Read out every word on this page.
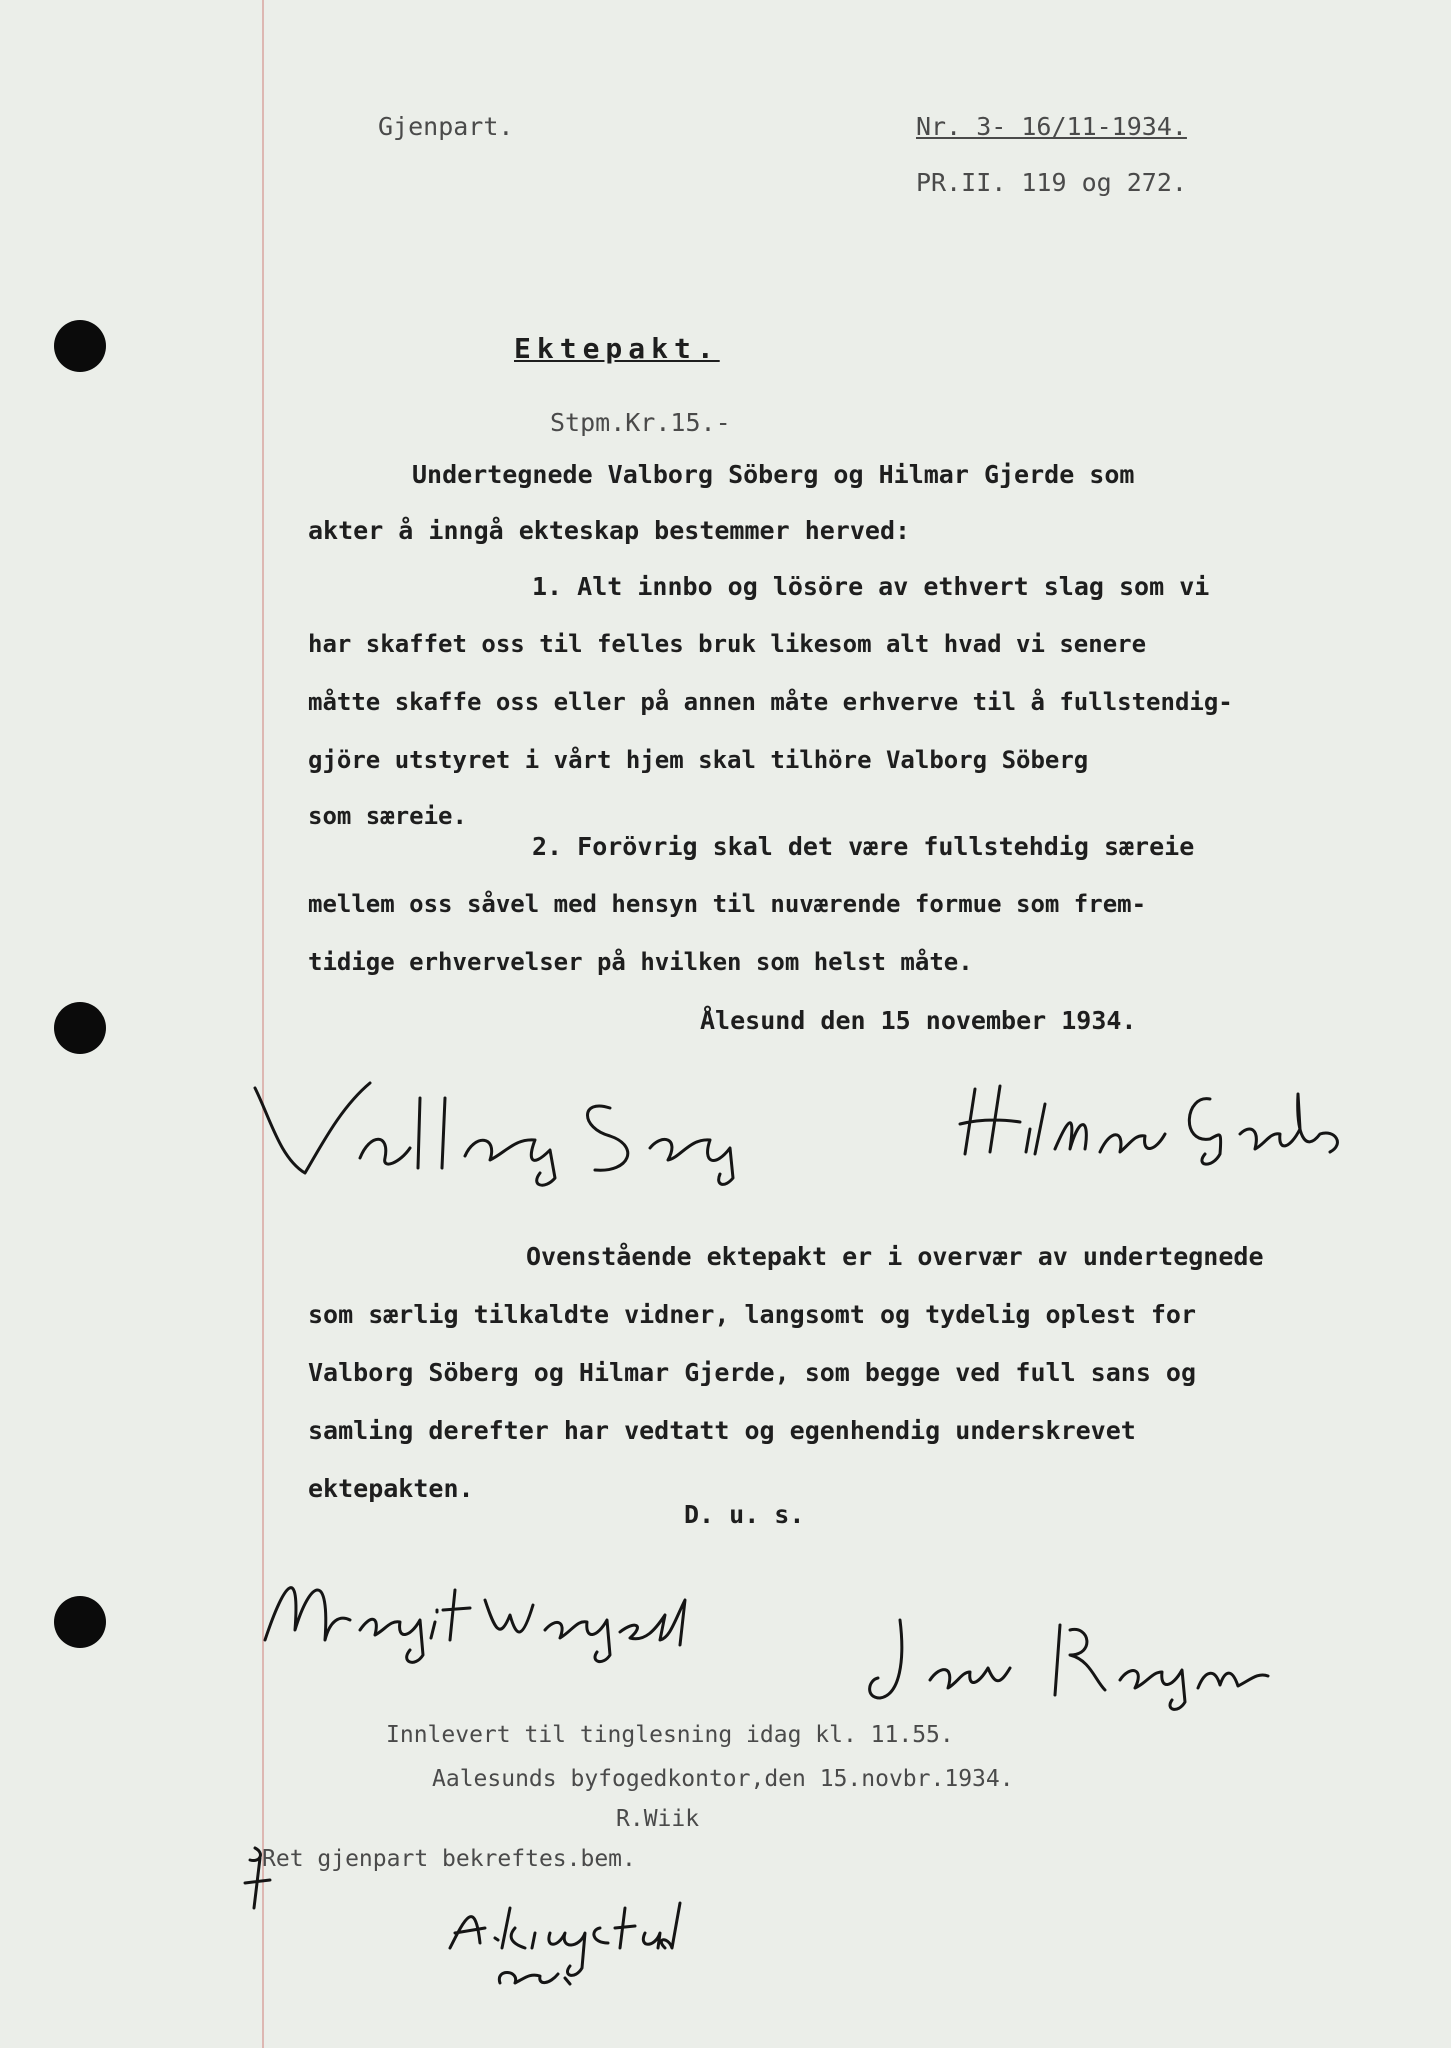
Gjenpart.	Nr. 3- 16/11-1934.
PR.II. 119 og 272.
Ektepakt.
Stpm.Kr.15.-
Undertegnede Valborg Söberg og Hilmar Gjerde som
akter å inngå ekteskap bestemmer herved:
1. Alt innbo og lösöre av ethvert slag som vi
har skaffet oss til felles bruk likesom alt hvad vi senere
måtte skaffe oss eller på annen måte erhverve til å fullstendig-
gjöre utstyret i vårt hjem skal tilhöre Valborg Söberg
som særeie.
2. Forövrig skal det være fullstehdig særeie
mellem oss såvel med hensyn til nuværende formue som frem-
tidige erhvervelser på hvilken som helst måte.
Ålesund den 15 november 1934.
Ovenstående ektepakt er i overvær av undertegnede
som særlig tilkaldte vidner, langsomt og tydelig oplest for
Valborg Söberg og Hilmar Gjerde, som begge ved full sans og
samling derefter har vedtatt og egenhendig underskrevet
ektepakten.
D. u. s.
Innlevert til tinglesning idag kl. 11.55.
Aalesunds byfogedkontor,den 15.novbr.1934.
R.Wiik
Ret gjenpart bekreftes.bem.
